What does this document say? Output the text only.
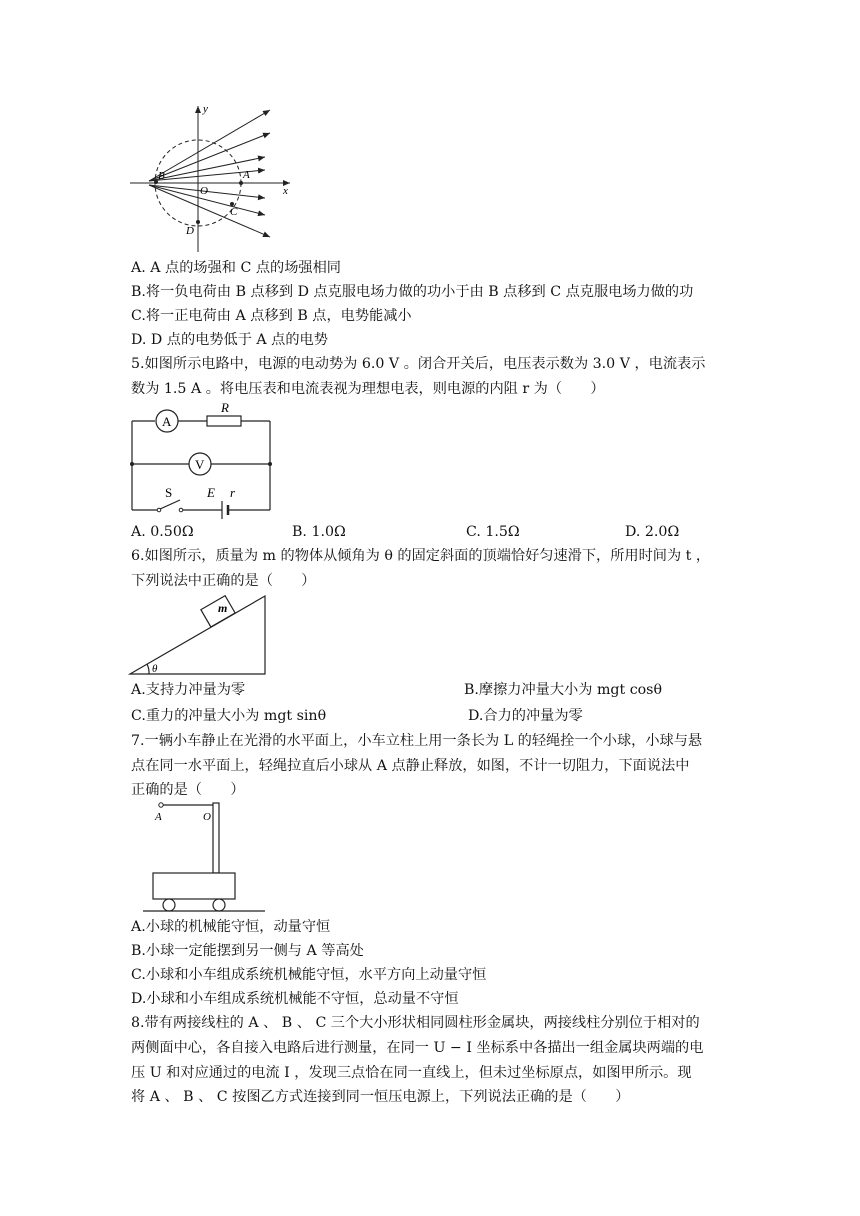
y
x
O
A
B
C
D
A. A 点的场强和 C 点的场强相同
B.将一负电荷由 B 点移到 D 点克服电场力做的功小于由 B 点移到 C 点克服电场力做的功
C.将一正电荷由 A 点移到 B 点，电势能减小
D. D 点的电势低于 A 点的电势
5.如图所示电路中，电源的电动势为 6.0 V 。闭合开关后，电压表示数为 3.0 V ，电流表示
数为 1.5 A 。将电压表和电流表视为理想电表，则电源的内阻 r 为（　　）
A
R
V
S	E r
A. 0.50Ω	B. 1.0Ω	C. 1.5Ω	D. 2.0Ω
6.如图所示，质量为 m 的物体从倾角为 θ 的固定斜面的顶端恰好匀速滑下，所用时间为 t ，
下列说法中正确的是（　　）
m
θ
A.支持力冲量为零	B.摩擦力冲量大小为 mgt cosθ
C.重力的冲量大小为 mgt sinθ	D.合力的冲量为零
7.一辆小车静止在光滑的水平面上，小车立柱上用一条长为 L 的轻绳拴一个小球，小球与悬
点在同一水平面上，轻绳拉直后小球从 A 点静止释放，如图，不计一切阻力，下面说法中
正确的是（　　）
A	O
A.小球的机械能守恒，动量守恒
B.小球一定能摆到另一侧与 A 等高处
C.小球和小车组成系统机械能守恒，水平方向上动量守恒
D.小球和小车组成系统机械能不守恒，总动量不守恒
8.带有两接线柱的 A 、 B 、 C 三个大小形状相同圆柱形金属块，两接线柱分别位于相对的
两侧面中心，各自接入电路后进行测量，在同一 U − I 坐标系中各描出一组金属块两端的电
压 U 和对应通过的电流 I ，发现三点恰在同一直线上，但未过坐标原点，如图甲所示。现
将 A 、 B 、 C 按图乙方式连接到同一恒压电源上，下列说法正确的是（　　）
